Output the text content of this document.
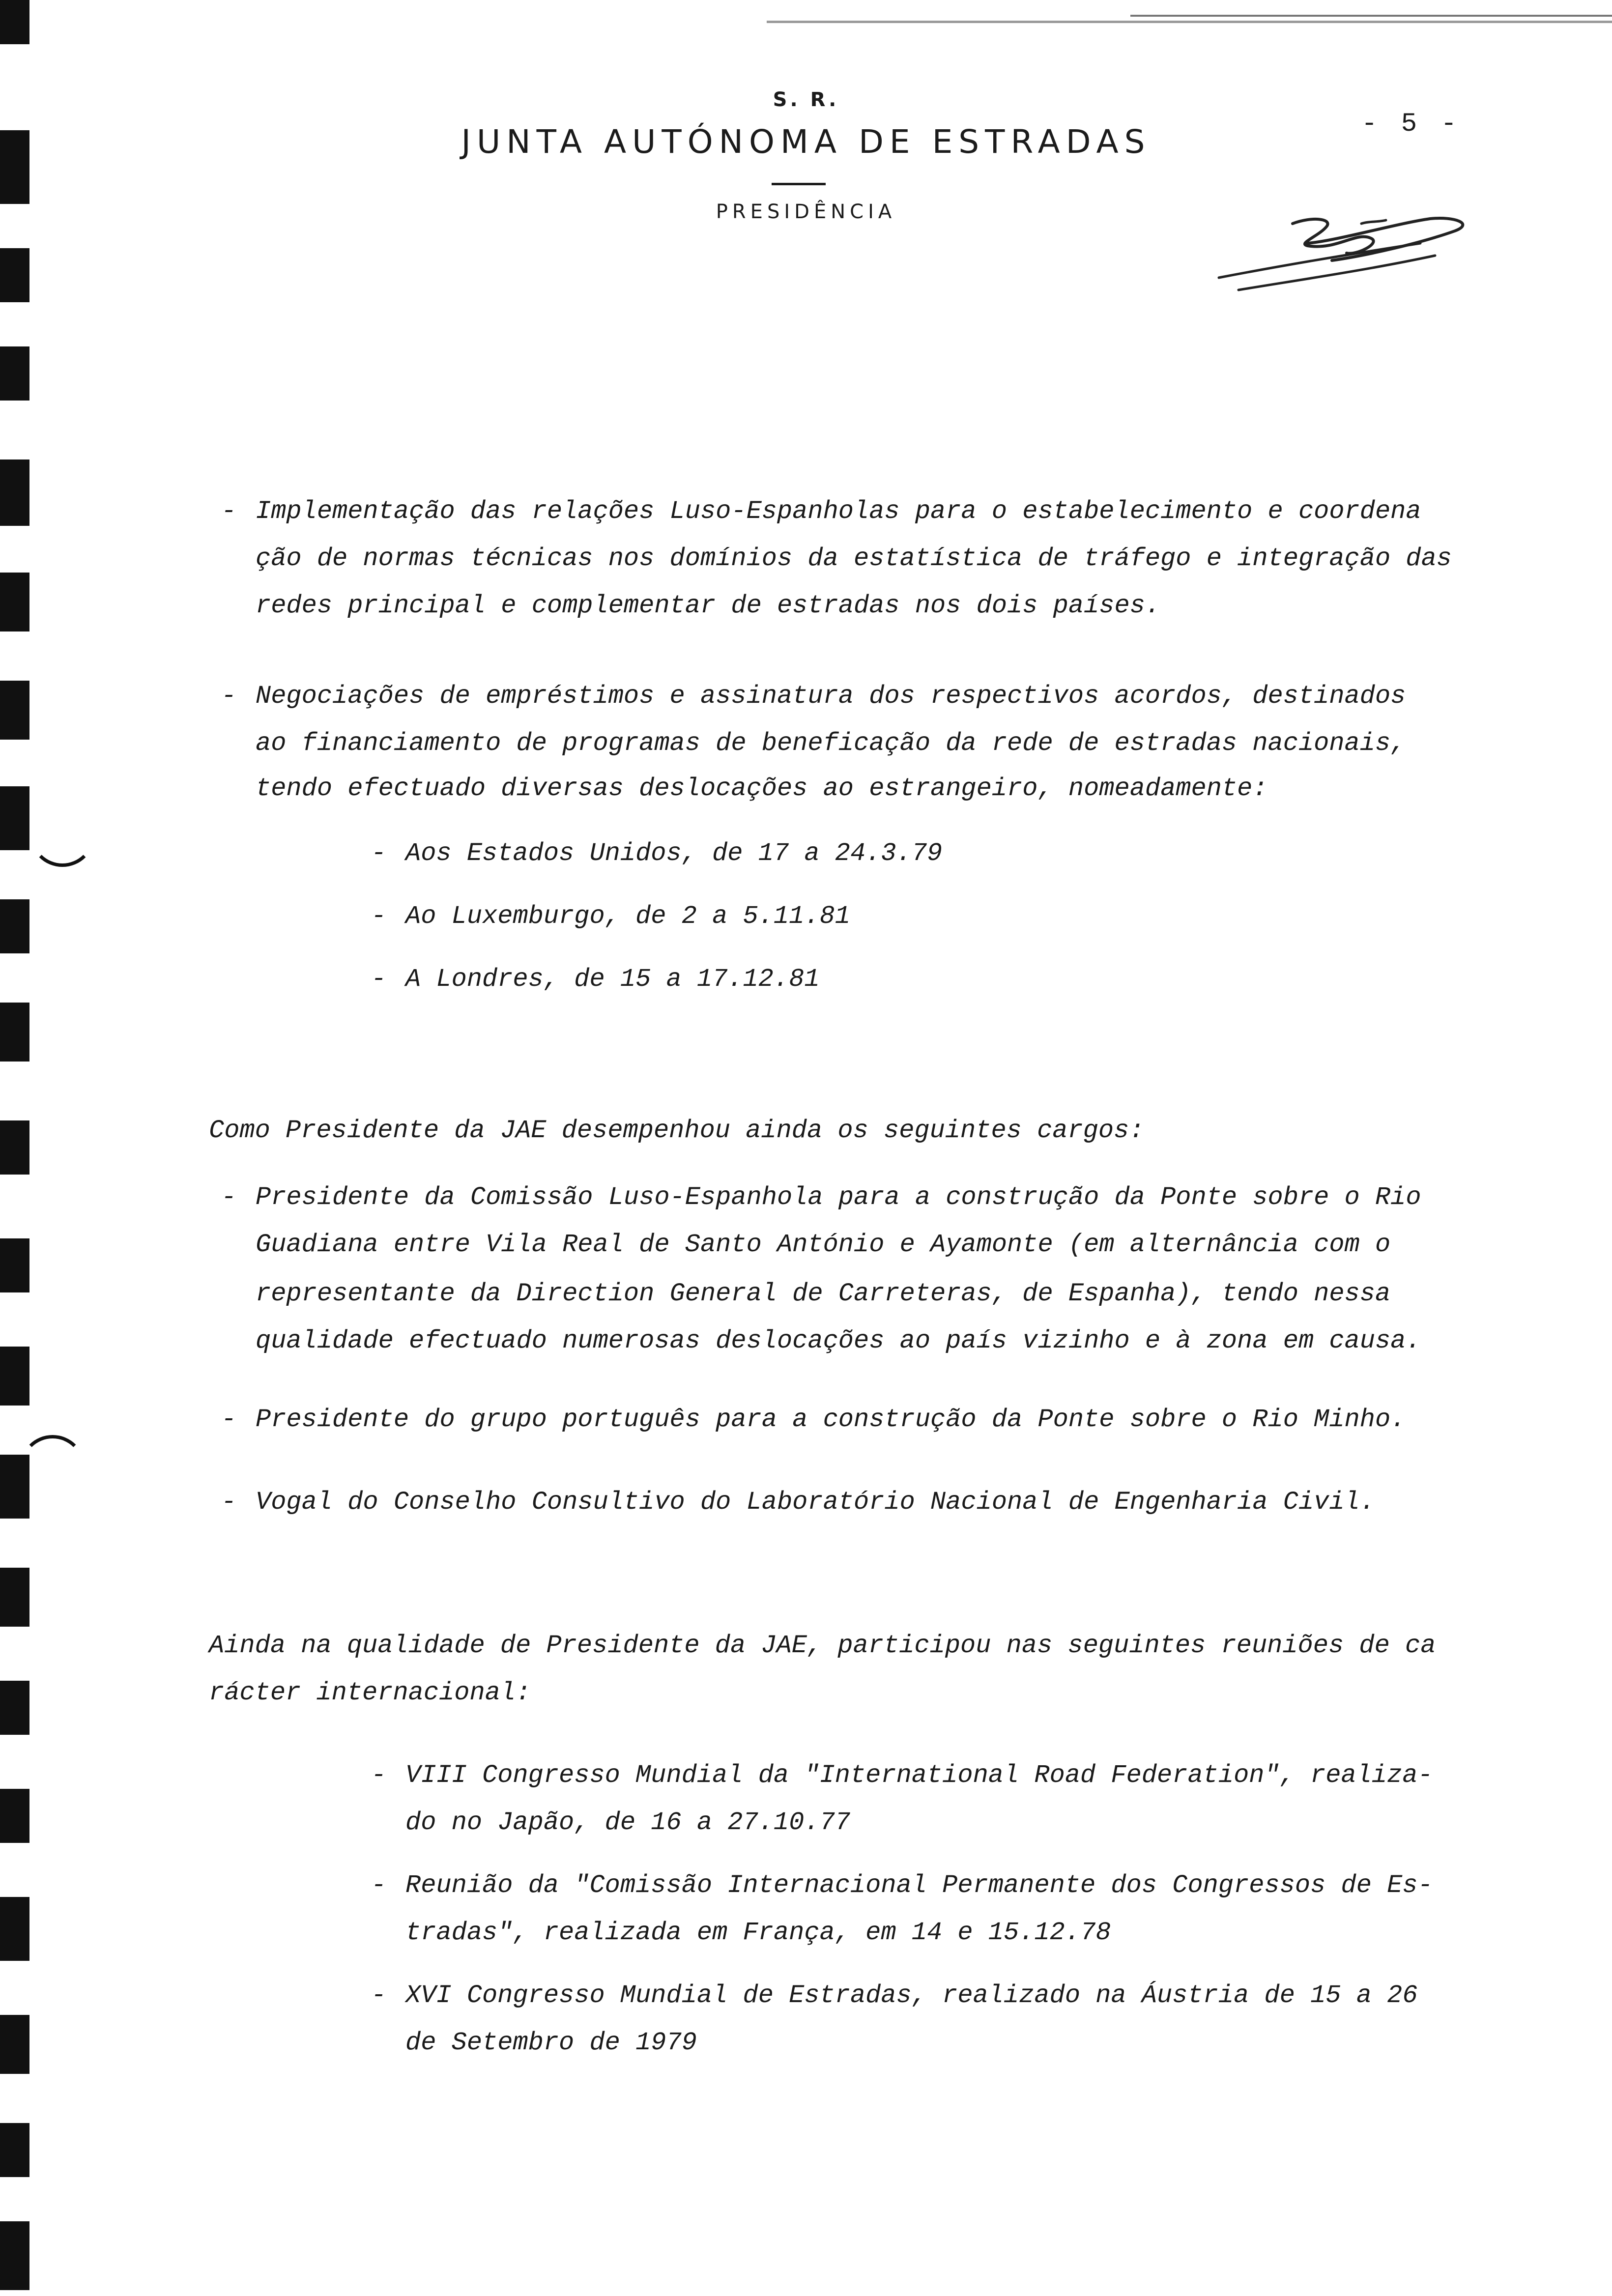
S. R.
JUNTA AUTÓNOMA DE ESTRADAS
PRESIDÊNCIA
- 5 -
- Implementação das relações Luso-Espanholas para o estabelecimento e coordena
ção de normas técnicas nos domínios da estatística de tráfego e integração das
redes principal e complementar de estradas nos dois países.
- Negociações de empréstimos e assinatura dos respectivos acordos, destinados
ao financiamento de programas de beneficação da rede de estradas nacionais,
tendo efectuado diversas deslocações ao estrangeiro, nomeadamente:
- Aos Estados Unidos, de 17 a 24.3.79
- Ao Luxemburgo, de 2 a 5.11.81
- A Londres, de 15 a 17.12.81
Como Presidente da JAE desempenhou ainda os seguintes cargos:
- Presidente da Comissão Luso-Espanhola para a construção da Ponte sobre o Rio
Guadiana entre Vila Real de Santo António e Ayamonte (em alternância com o
representante da Direction General de Carreteras, de Espanha), tendo nessa
qualidade efectuado numerosas deslocações ao país vizinho e à zona em causa.
- Presidente do grupo português para a construção da Ponte sobre o Rio Minho.
- Vogal do Conselho Consultivo do Laboratório Nacional de Engenharia Civil.
Ainda na qualidade de Presidente da JAE, participou nas seguintes reuniões de ca
rácter internacional:
- VIII Congresso Mundial da "International Road Federation", realiza-
do no Japão, de 16 a 27.10.77
- Reunião da "Comissão Internacional Permanente dos Congressos de Es-
tradas", realizada em França, em 14 e 15.12.78
- XVI Congresso Mundial de Estradas, realizado na Áustria de 15 a 26
de Setembro de 1979
